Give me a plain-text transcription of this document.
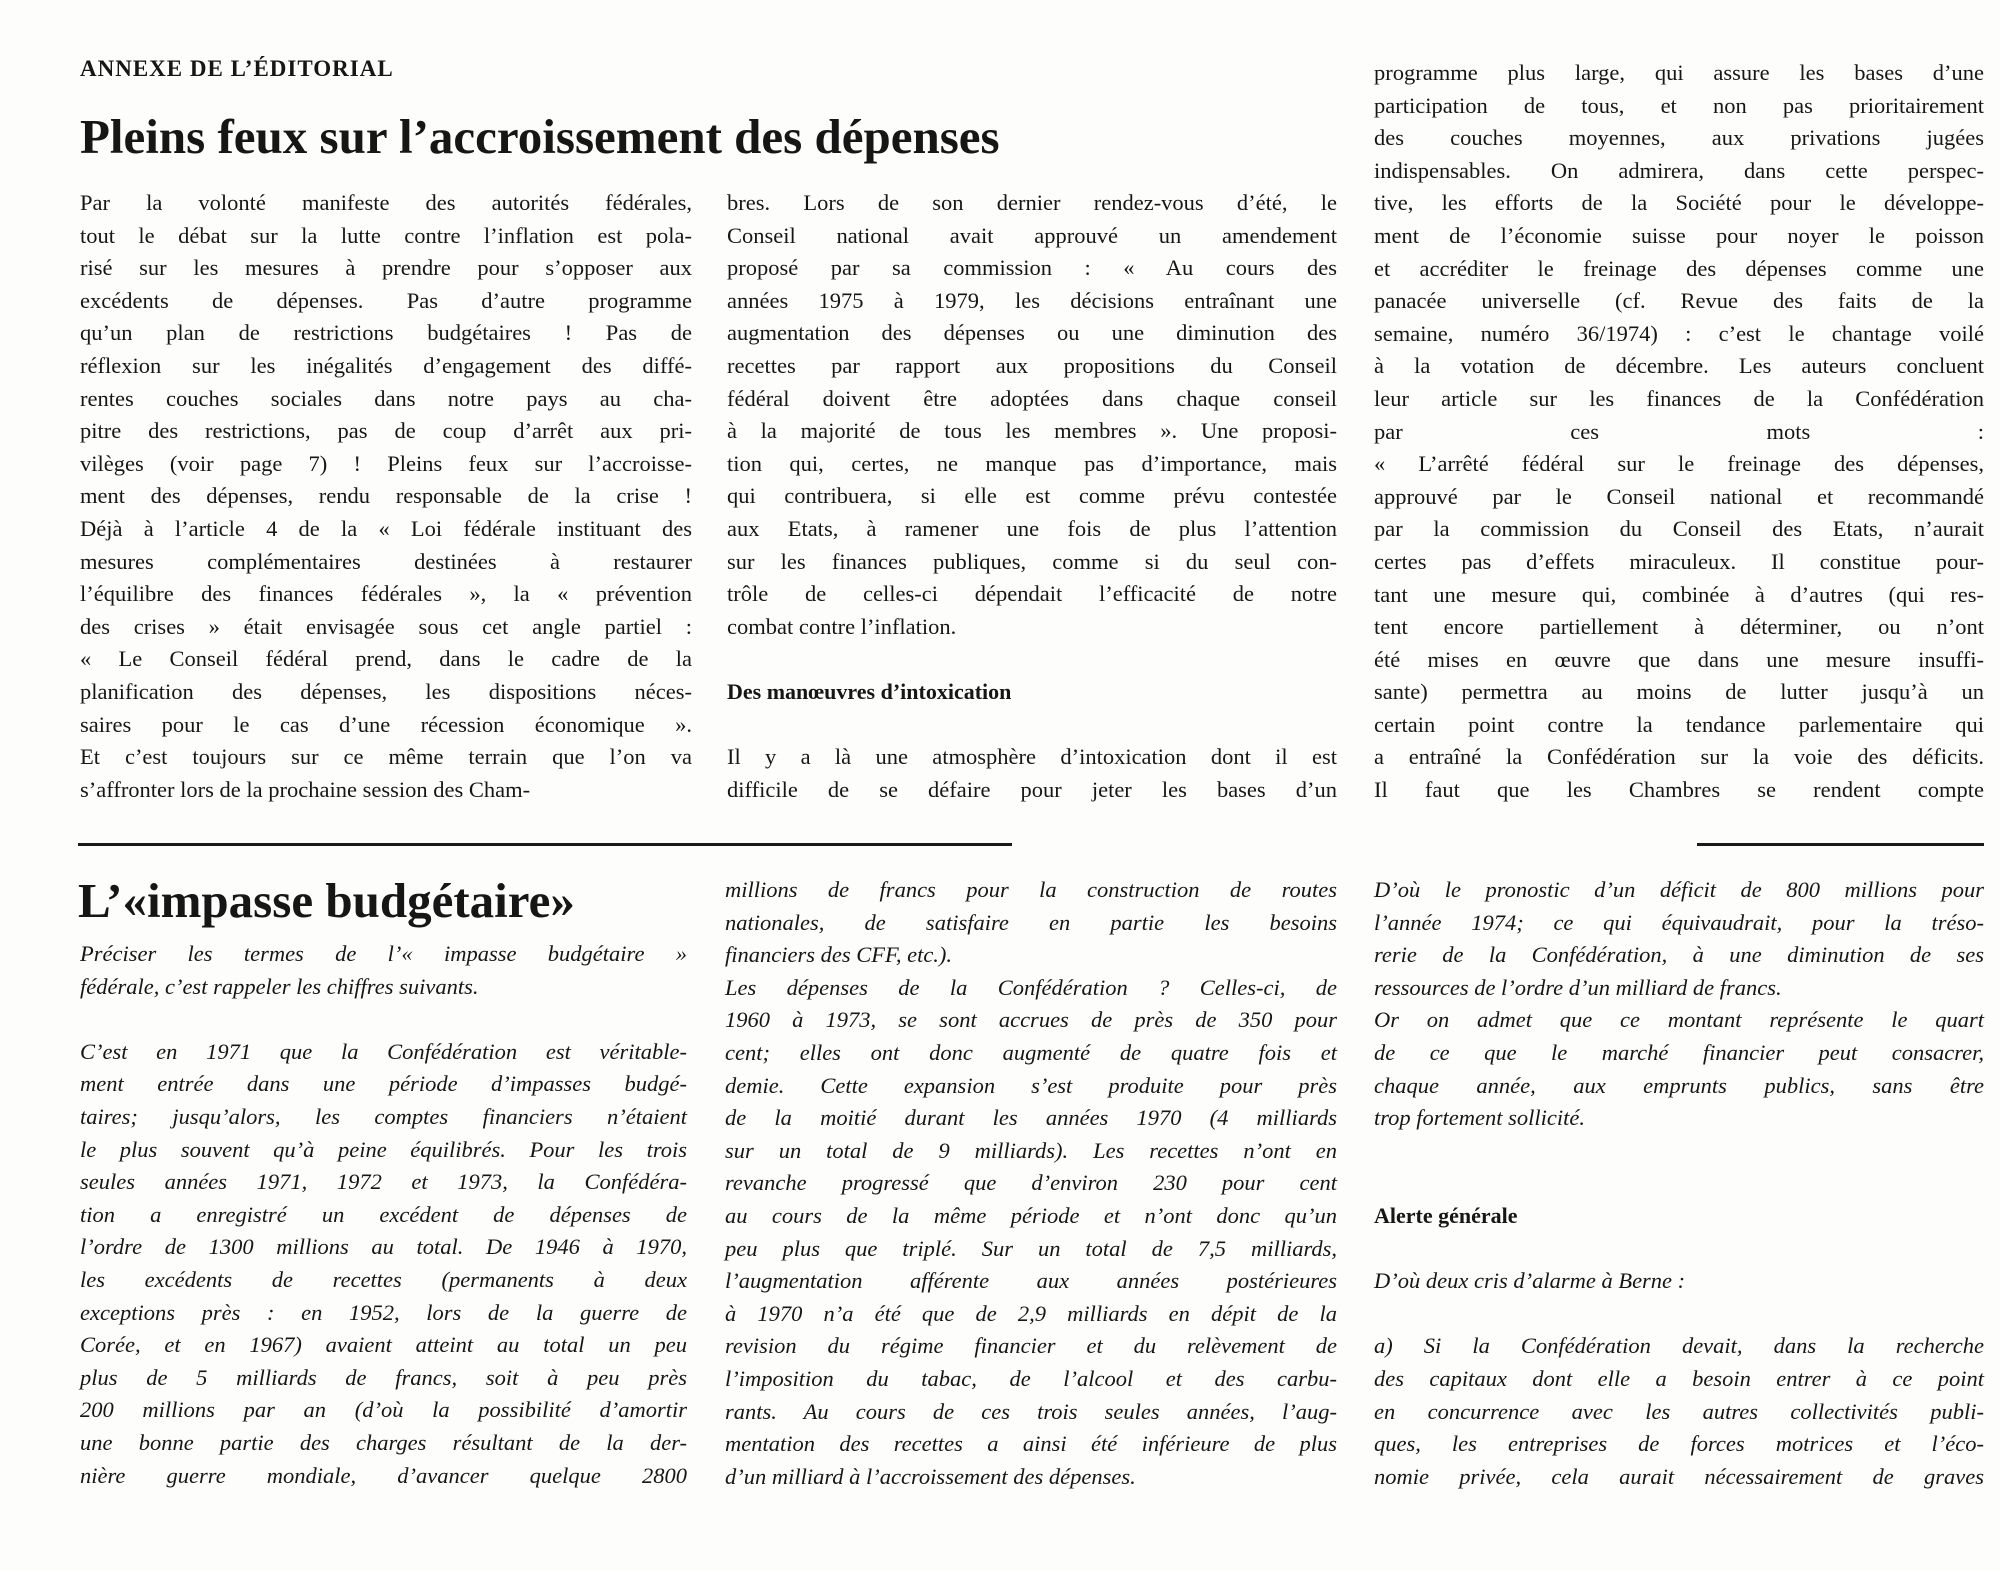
ANNEXE DE L’ÉDITORIAL
Pleins feux sur l’accroissement des dépenses
Par la volonté manifeste des autorités fédérales,
tout le débat sur la lutte contre l’inflation est pola-
risé sur les mesures à prendre pour s’opposer aux
excédents de dépenses. Pas d’autre programme
qu’un plan de restrictions budgétaires ! Pas de
réflexion sur les inégalités d’engagement des diffé-
rentes couches sociales dans notre pays au cha-
pitre des restrictions, pas de coup d’arrêt aux pri-
vilèges (voir page 7) ! Pleins feux sur l’accroisse-
ment des dépenses, rendu responsable de la crise !
Déjà à l’article 4 de la « Loi fédérale instituant des
mesures complémentaires destinées à restaurer
l’équilibre des finances fédérales », la « prévention
des crises » était envisagée sous cet angle partiel :
« Le Conseil fédéral prend, dans le cadre de la
planification des dépenses, les dispositions néces-
saires pour le cas d’une récession économique ».
Et c’est toujours sur ce même terrain que l’on va
s’affronter lors de la prochaine session des Cham-
bres. Lors de son dernier rendez-vous d’été, le
Conseil national avait approuvé un amendement
proposé par sa commission : « Au cours des
années 1975 à 1979, les décisions entraînant une
augmentation des dépenses ou une diminution des
recettes par rapport aux propositions du Conseil
fédéral doivent être adoptées dans chaque conseil
à la majorité de tous les membres ». Une proposi-
tion qui, certes, ne manque pas d’importance, mais
qui contribuera, si elle est comme prévu contestée
aux Etats, à ramener une fois de plus l’attention
sur les finances publiques, comme si du seul con-
trôle de celles-ci dépendait l’efficacité de notre
combat contre l’inflation.
Des manœuvres d’intoxication
Il y a là une atmosphère d’intoxication dont il est
difficile de se défaire pour jeter les bases d’un
programme plus large, qui assure les bases d’une
participation de tous, et non pas prioritairement
des couches moyennes, aux privations jugées
indispensables. On admirera, dans cette perspec-
tive, les efforts de la Société pour le développe-
ment de l’économie suisse pour noyer le poisson
et accréditer le freinage des dépenses comme une
panacée universelle (cf. Revue des faits de la
semaine, numéro 36/1974) : c’est le chantage voilé
à la votation de décembre. Les auteurs concluent
leur article sur les finances de la Confédération
par ces mots :
« L’arrêté fédéral sur le freinage des dépenses,
approuvé par le Conseil national et recommandé
par la commission du Conseil des Etats, n’aurait
certes pas d’effets miraculeux. Il constitue pour-
tant une mesure qui, combinée à d’autres (qui res-
tent encore partiellement à déterminer, ou n’ont
été mises en œuvre que dans une mesure insuffi-
sante) permettra au moins de lutter jusqu’à un
certain point contre la tendance parlementaire qui
a entraîné la Confédération sur la voie des déficits.
Il faut que les Chambres se rendent compte
L’«impasse budgétaire»
Préciser les termes de l’« impasse budgétaire »
fédérale, c’est rappeler les chiffres suivants.
C’est en 1971 que la Confédération est véritable-
ment entrée dans une période d’impasses budgé-
taires; jusqu’alors, les comptes financiers n’étaient
le plus souvent qu’à peine équilibrés. Pour les trois
seules années 1971, 1972 et 1973, la Confédéra-
tion a enregistré un excédent de dépenses de
l’ordre de 1300 millions au total. De 1946 à 1970,
les excédents de recettes (permanents à deux
exceptions près : en 1952, lors de la guerre de
Corée, et en 1967) avaient atteint au total un peu
plus de 5 milliards de francs, soit à peu près
200 millions par an (d’où la possibilité d’amortir
une bonne partie des charges résultant de la der-
nière guerre mondiale, d’avancer quelque 2800
millions de francs pour la construction de routes
nationales, de satisfaire en partie les besoins
financiers des CFF, etc.).
Les dépenses de la Confédération ? Celles-ci, de
1960 à 1973, se sont accrues de près de 350 pour
cent; elles ont donc augmenté de quatre fois et
demie. Cette expansion s’est produite pour près
de la moitié durant les années 1970 (4 milliards
sur un total de 9 milliards). Les recettes n’ont en
revanche progressé que d’environ 230 pour cent
au cours de la même période et n’ont donc qu’un
peu plus que triplé. Sur un total de 7,5 milliards,
l’augmentation afférente aux années postérieures
à 1970 n’a été que de 2,9 milliards en dépit de la
revision du régime financier et du relèvement de
l’imposition du tabac, de l’alcool et des carbu-
rants. Au cours de ces trois seules années, l’aug-
mentation des recettes a ainsi été inférieure de plus
d’un milliard à l’accroissement des dépenses.
D’où le pronostic d’un déficit de 800 millions pour
l’année 1974; ce qui équivaudrait, pour la tréso-
rerie de la Confédération, à une diminution de ses
ressources de l’ordre d’un milliard de francs.
Or on admet que ce montant représente le quart
de ce que le marché financier peut consacrer,
chaque année, aux emprunts publics, sans être
trop fortement sollicité.
Alerte générale
D’où deux cris d’alarme à Berne :
a) Si la Confédération devait, dans la recherche
des capitaux dont elle a besoin entrer à ce point
en concurrence avec les autres collectivités publi-
ques, les entreprises de forces motrices et l’éco-
nomie privée, cela aurait nécessairement de graves
